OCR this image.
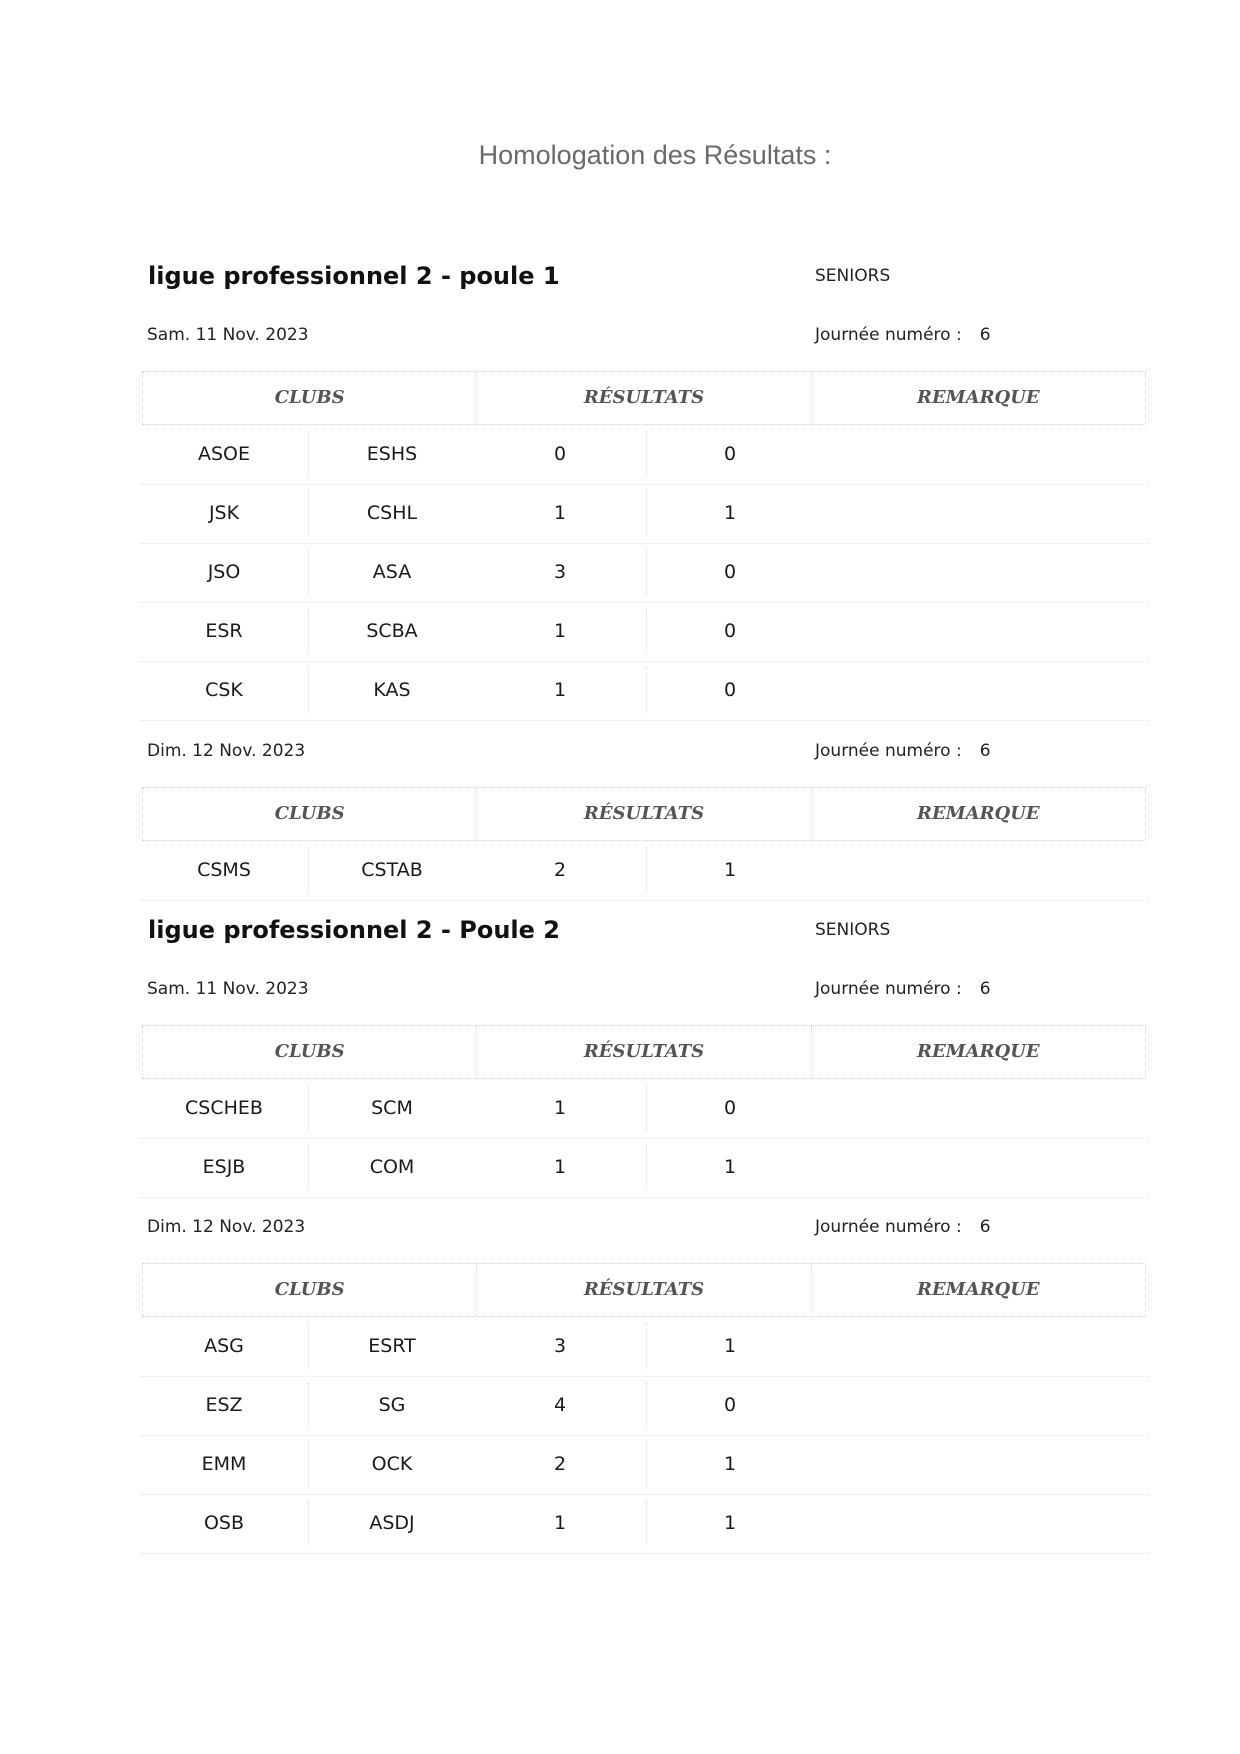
Homologation des Résultats :
ligue professionnel 2 - poule 1	SENIORS
Sam. 11 Nov. 2023	Journée numéro : 6
CLUBS	RÉSULTATS	REMARQUE
ASOE	ESHS	0	0
JSK	CSHL	1	1
JSO	ASA	3	0
ESR	SCBA	1	0
CSK	KAS	1	0
Dim. 12 Nov. 2023	Journée numéro : 6
CLUBS	RÉSULTATS	REMARQUE
CSMS	CSTAB	2	1
ligue professionnel 2 - Poule 2	SENIORS
Sam. 11 Nov. 2023	Journée numéro : 6
CLUBS	RÉSULTATS	REMARQUE
CSCHEB	SCM	1	0
ESJB	COM	1	1
Dim. 12 Nov. 2023	Journée numéro : 6
CLUBS	RÉSULTATS	REMARQUE
ASG	ESRT	3	1
ESZ	SG	4	0
EMM	OCK	2	1
OSB	ASDJ	1	1
